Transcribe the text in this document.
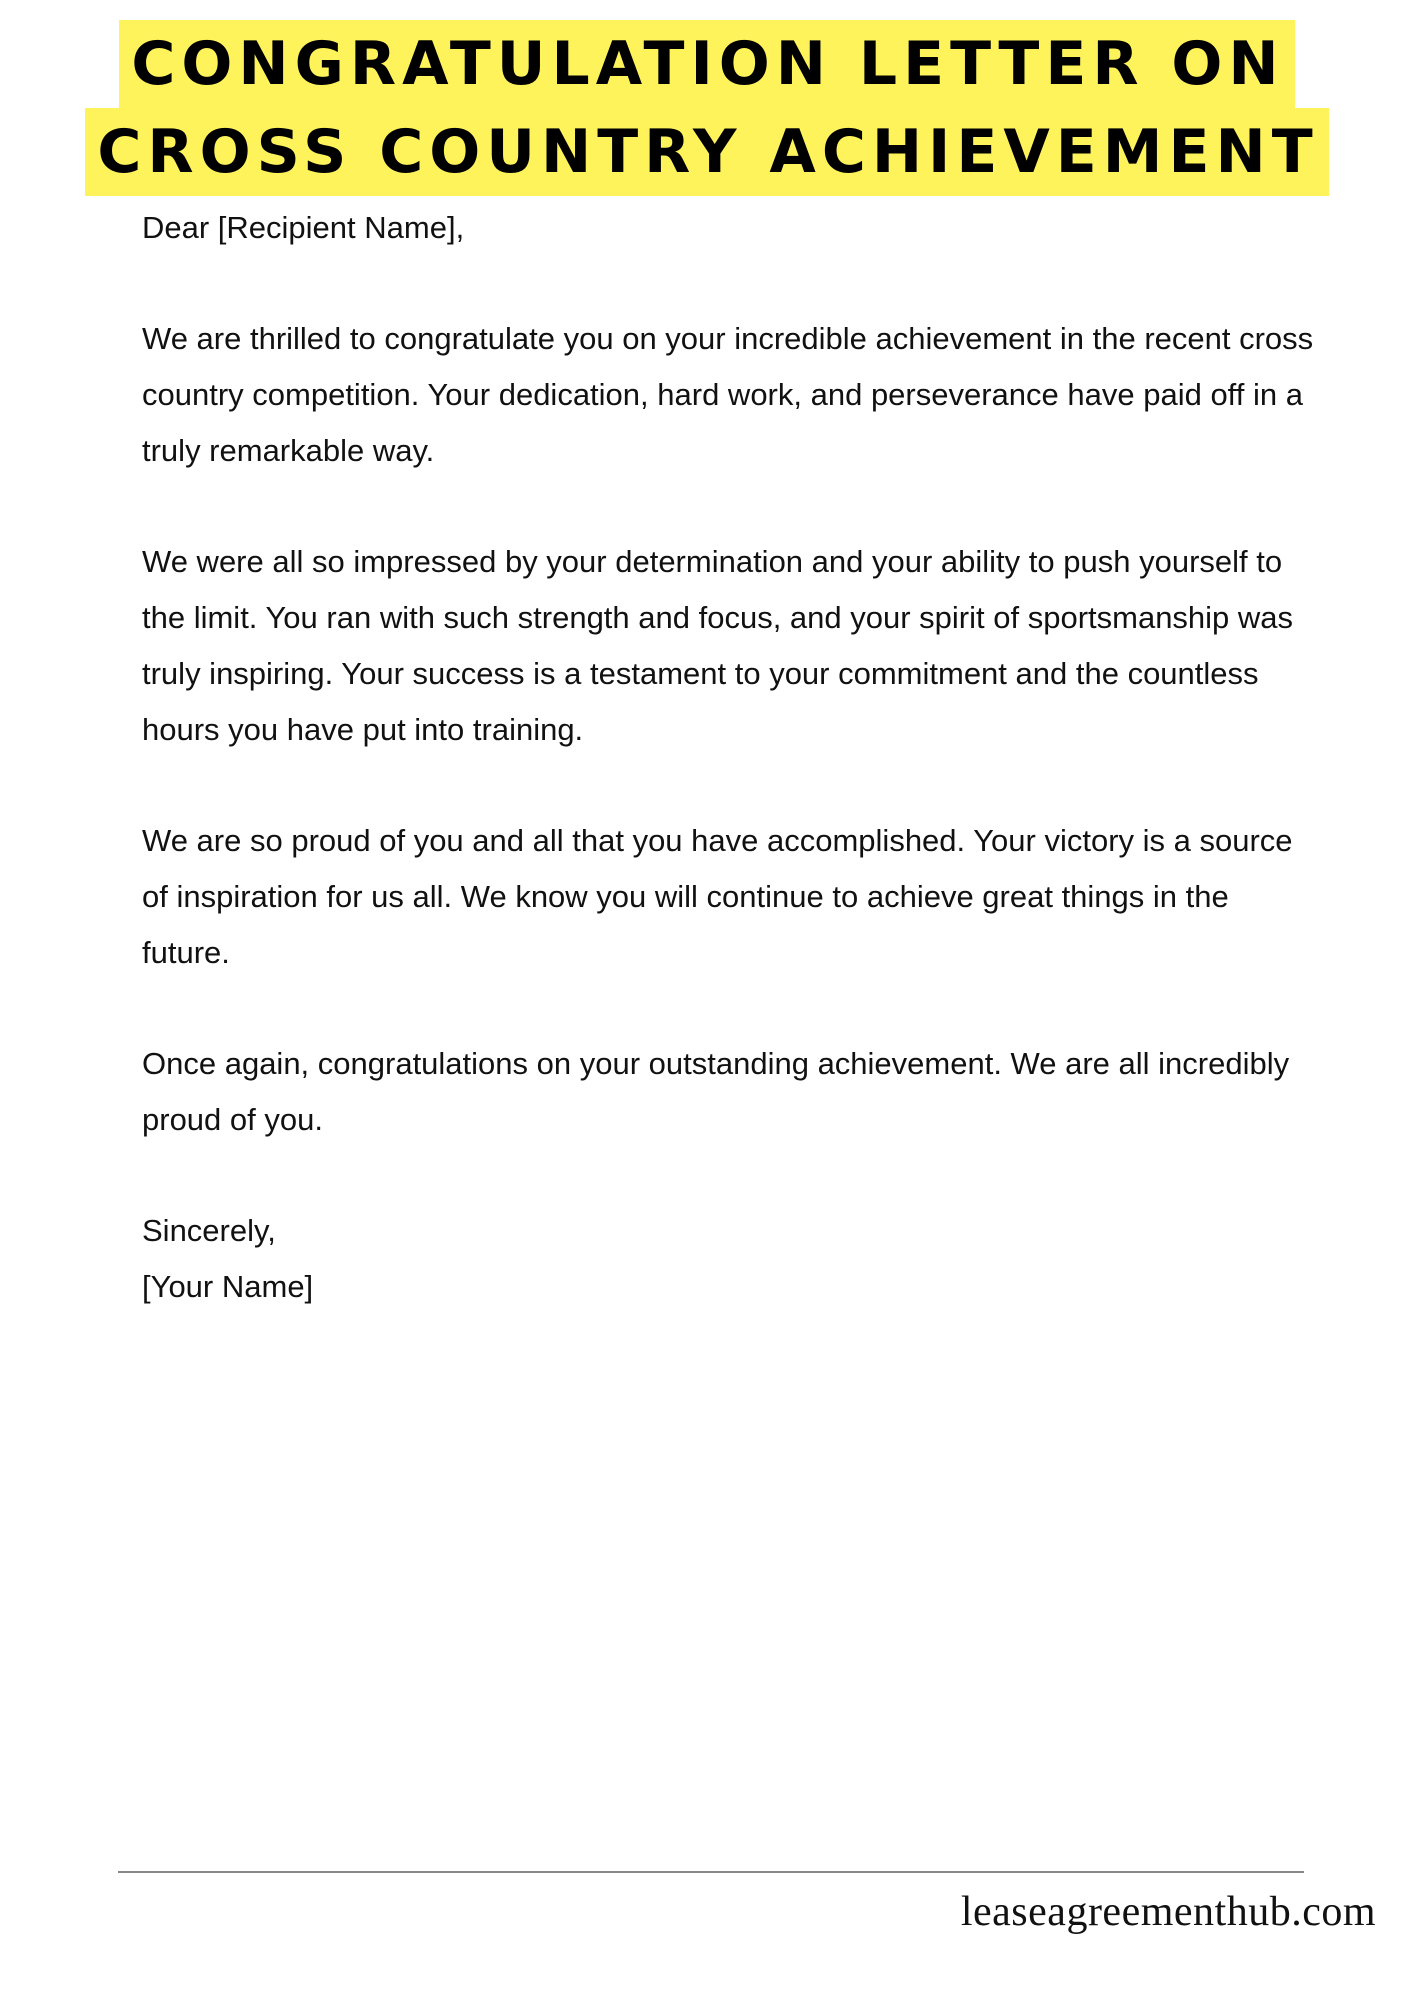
CONGRATULATION LETTER ON
CROSS COUNTRY ACHIEVEMENT

Dear [Recipient Name],

We are thrilled to congratulate you on your incredible achievement in the recent cross country competition. Your dedication, hard work, and perseverance have paid off in a truly remarkable way.

We were all so impressed by your determination and your ability to push yourself to the limit. You ran with such strength and focus, and your spirit of sportsmanship was truly inspiring. Your success is a testament to your commitment and the countless hours you have put into training.

We are so proud of you and all that you have accomplished. Your victory is a source of inspiration for us all. We know you will continue to achieve great things in the future.

Once again, congratulations on your outstanding achievement. We are all incredibly proud of you.

Sincerely,

[Your Name]

leaseagreementhub.com
